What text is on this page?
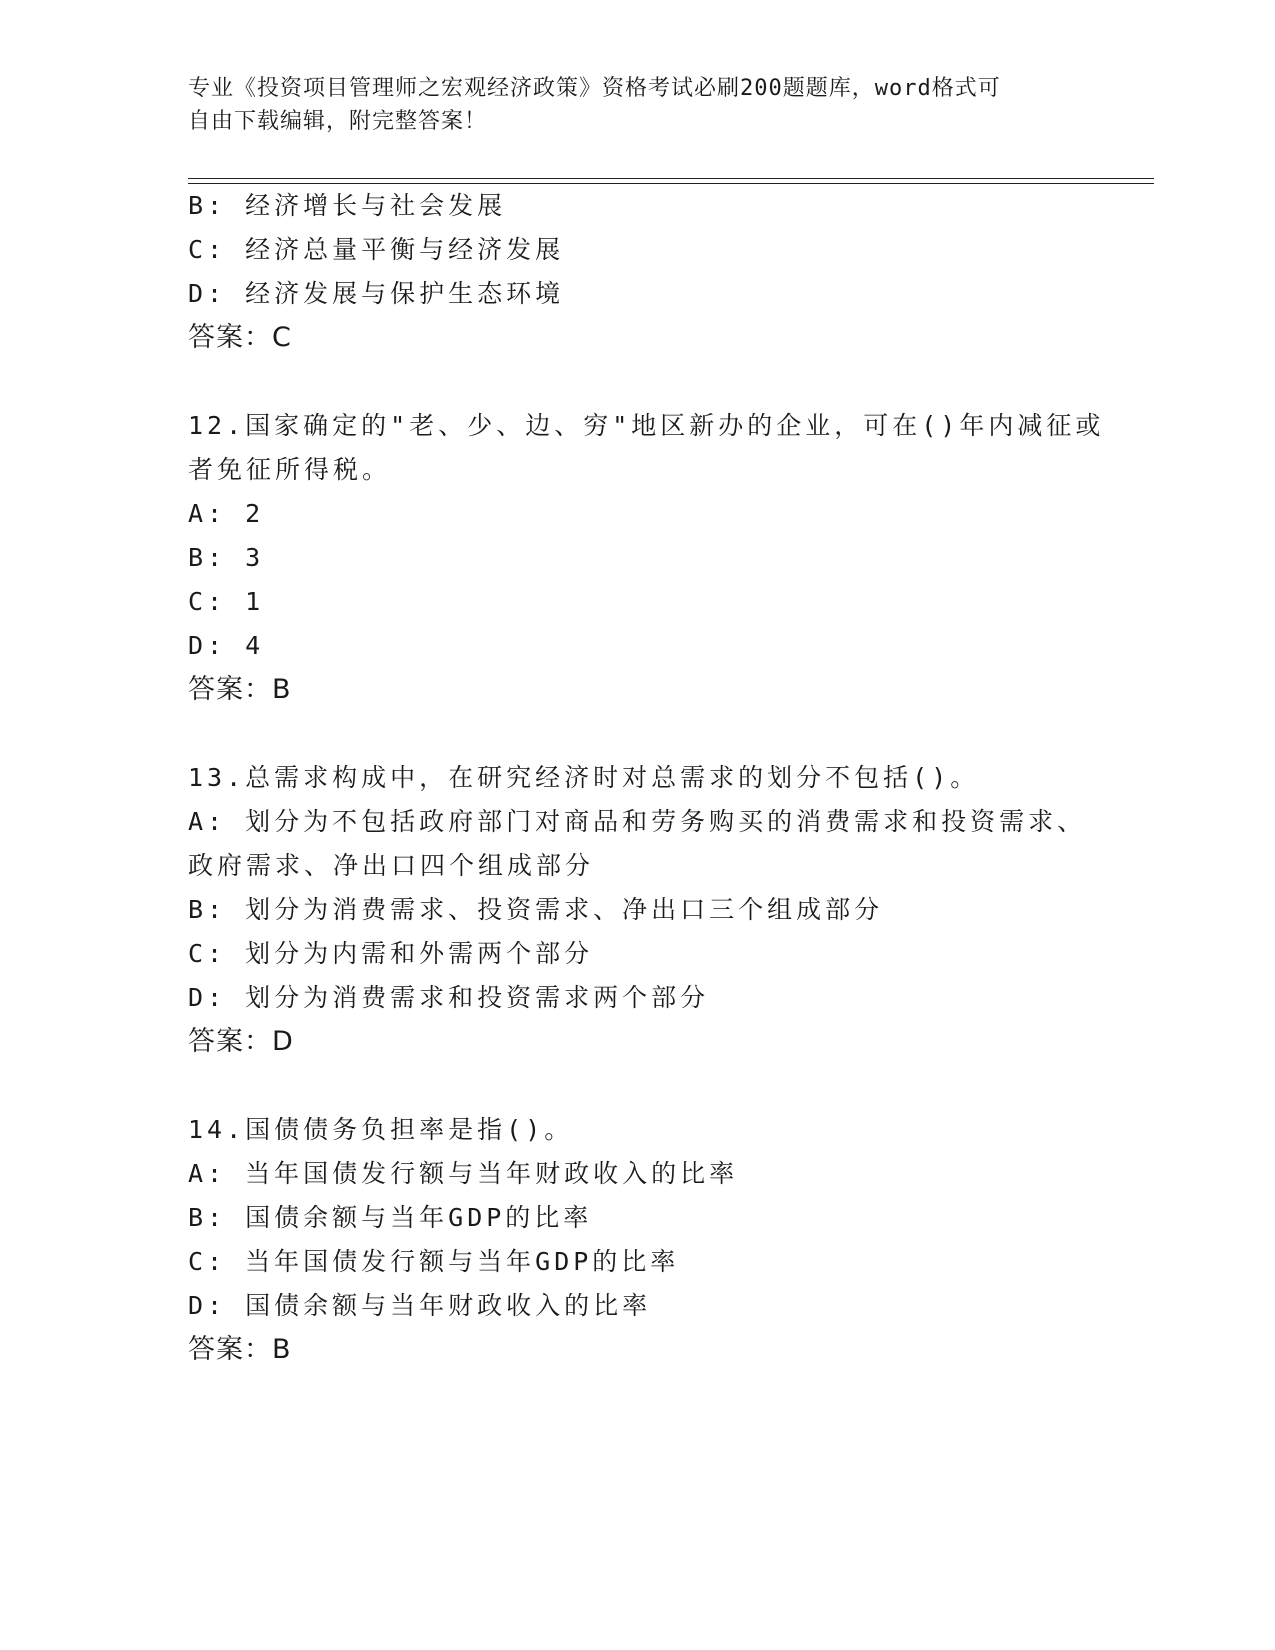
专业《投资项目管理师之宏观经济政策》资格考试必刷200题题库，word格式可
自由下载编辑，附完整答案！
B: 经济增长与社会发展
C: 经济总量平衡与经济发展
D: 经济发展与保护生态环境
答案：C
12.国家确定的"老、少、边、穷"地区新办的企业，可在()年内减征或
者免征所得税。
A: 2
B: 3
C: 1
D: 4
答案：B
13.总需求构成中，在研究经济时对总需求的划分不包括()。
A: 划分为不包括政府部门对商品和劳务购买的消费需求和投资需求、
政府需求、净出口四个组成部分
B: 划分为消费需求、投资需求、净出口三个组成部分
C: 划分为内需和外需两个部分
D: 划分为消费需求和投资需求两个部分
答案：D
14.国债债务负担率是指()。
A: 当年国债发行额与当年财政收入的比率
B: 国债余额与当年GDP的比率
C: 当年国债发行额与当年GDP的比率
D: 国债余额与当年财政收入的比率
答案：B
